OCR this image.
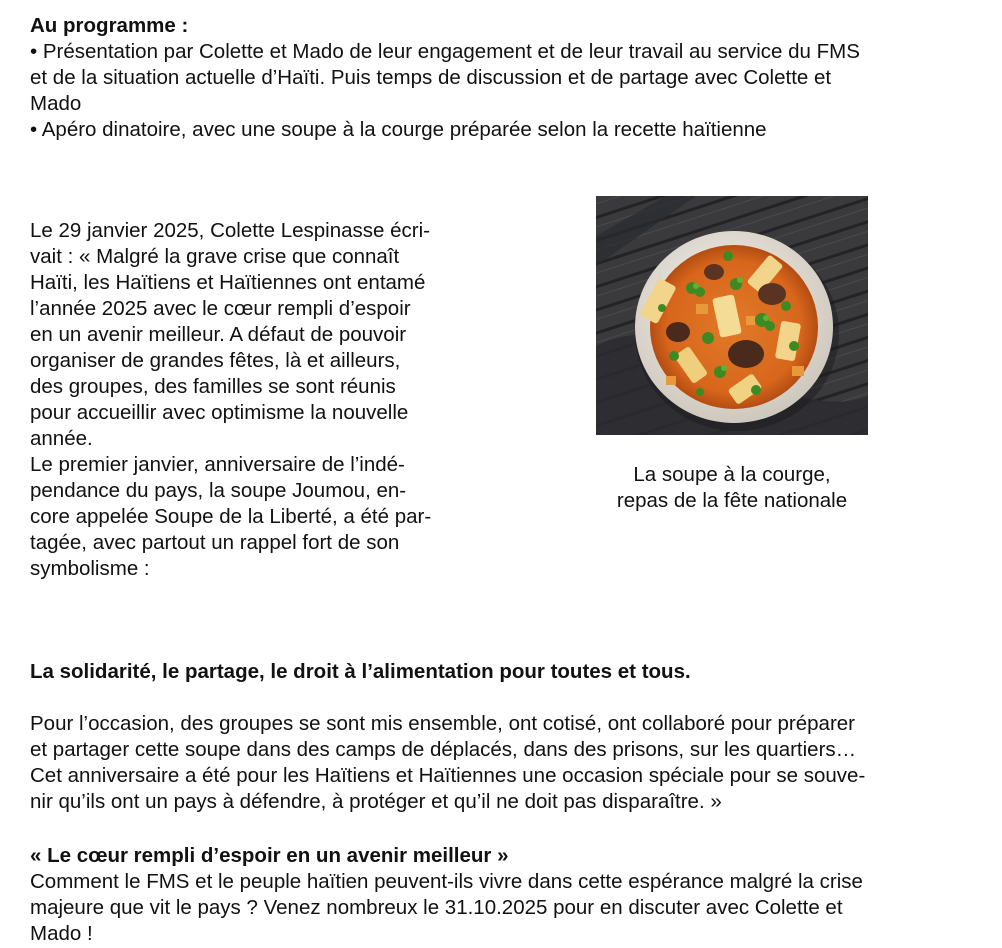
Au programme :
• Présentation par Colette et Mado de leur engagement et de leur travail au service du FMS
et de la situation actuelle d’Haïti. Puis temps de discussion et de partage avec Colette et
Mado
• Apéro dinatoire, avec une soupe à la courge préparée selon la recette haïtienne
Le 29 janvier 2025, Colette Lespinasse écri-
vait : « Malgré la grave crise que connaît
Haïti, les Haïtiens et Haïtiennes ont entamé
l’année 2025 avec le cœur rempli d’espoir
en un avenir meilleur. A défaut de pouvoir
organiser de grandes fêtes, là et ailleurs,
des groupes, des familles se sont réunis
pour accueillir avec optimisme la nouvelle
année.
Le premier janvier, anniversaire de l’indé-
pendance du pays, la soupe Joumou, en-
core appelée Soupe de la Liberté, a été par-
tagée, avec partout un rappel fort de son
symbolisme :
La soupe à la courge,
repas de la fête nationale
La solidarité, le partage, le droit à l’alimentation pour toutes et tous.
Pour l’occasion, des groupes se sont mis ensemble, ont cotisé, ont collaboré pour préparer
et partager cette soupe dans des camps de déplacés, dans des prisons, sur les quartiers…
Cet anniversaire a été pour les Haïtiens et Haïtiennes une occasion spéciale pour se souve-
nir qu’ils ont un pays à défendre, à protéger et qu’il ne doit pas disparaître. »
« Le cœur rempli d’espoir en un avenir meilleur »
Comment le FMS et le peuple haïtien peuvent-ils vivre dans cette espérance malgré la crise
majeure que vit le pays ? Venez nombreux le 31.10.2025 pour en discuter avec Colette et
Mado !
